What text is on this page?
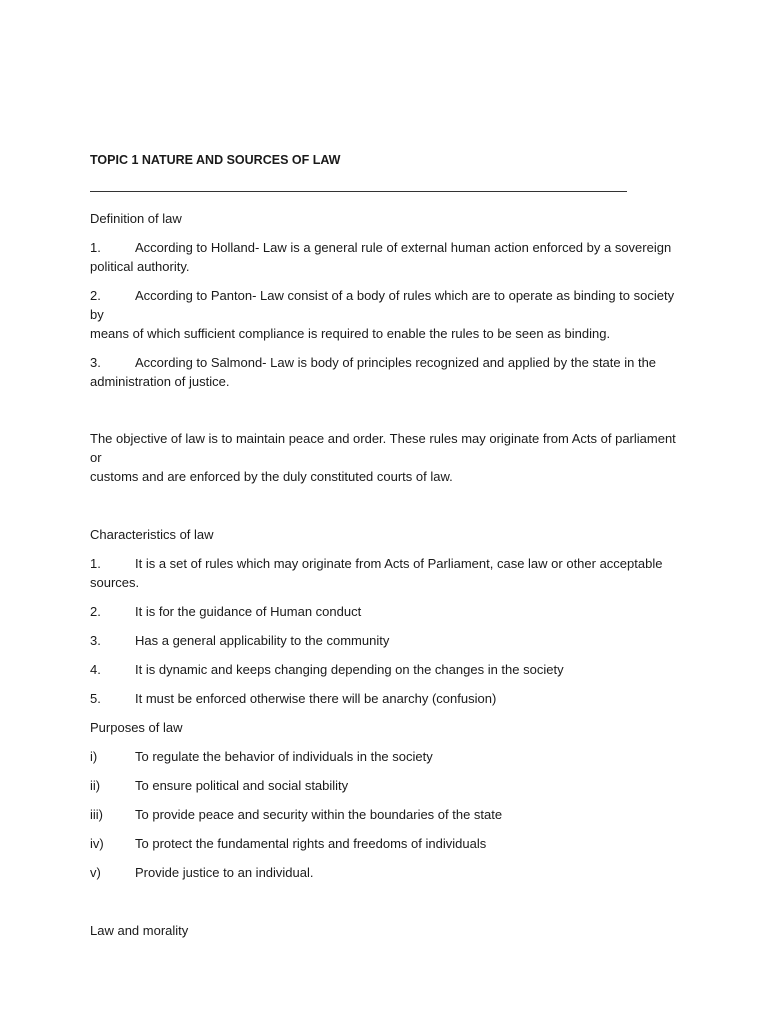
TOPIC 1 NATURE AND SOURCES OF LAW

Definition of law

1.	According to Holland- Law is a general rule of external human action enforced by a sovereign
political authority.
2.	According to Panton- Law consist of a body of rules which are to operate as binding to society by
means of which sufficient compliance is required to enable the rules to be seen as binding.
3.	According to Salmond- Law is body of principles recognized and applied by the state in the
administration of justice.

The objective of law is to maintain peace and order. These rules may originate from Acts of parliament or

customs and are enforced by the duly constituted courts of law.

Characteristics of law

1.	It is a set of rules which may originate from Acts of Parliament, case law or other acceptable
sources.
2.	It is for the guidance of Human conduct
3.	Has a general applicability to the community
4.	It is dynamic and keeps changing depending on the changes in the society
5.	It must be enforced otherwise there will be anarchy (confusion)

Purposes of law

i)	To regulate the behavior of individuals in the society
ii)	To ensure political and social stability
iii) To provide peace and security within the boundaries of the state
iv) To protect the fundamental rights and freedoms of individuals
v)	Provide justice to an individual.

Law and morality
